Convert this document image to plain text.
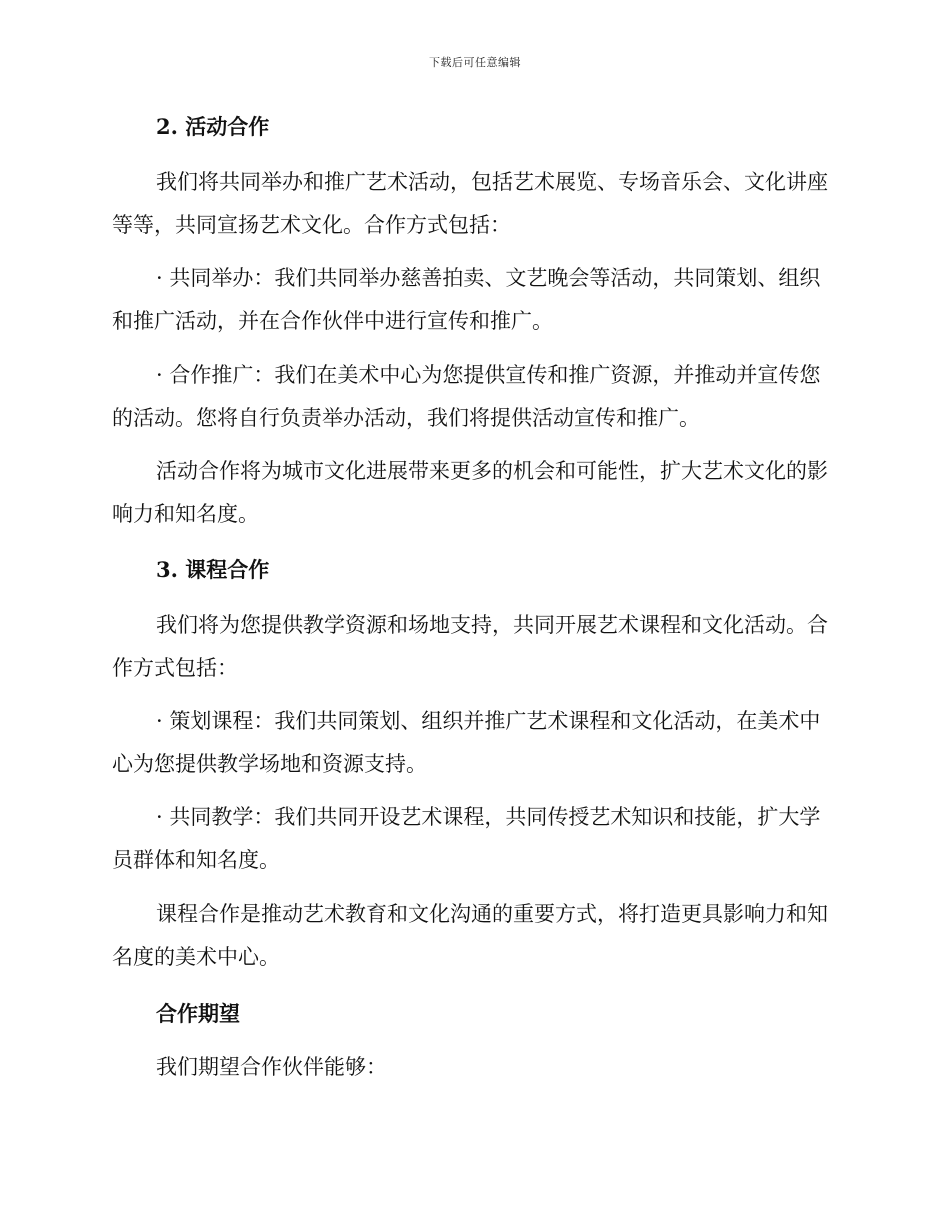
下载后可任意编辑

2. 活动合作

我们将共同举办和推广艺术活动，包括艺术展览、专场音乐会、文化讲座等等，共同宣扬艺术文化。合作方式包括：

· 共同举办：我们共同举办慈善拍卖、文艺晚会等活动，共同策划、组织和推广活动，并在合作伙伴中进行宣传和推广。

· 合作推广：我们在美术中心为您提供宣传和推广资源，并推动并宣传您的活动。您将自行负责举办活动，我们将提供活动宣传和推广。

活动合作将为城市文化进展带来更多的机会和可能性，扩大艺术文化的影响力和知名度。

3. 课程合作

我们将为您提供教学资源和场地支持，共同开展艺术课程和文化活动。合作方式包括：

· 策划课程：我们共同策划、组织并推广艺术课程和文化活动，在美术中心为您提供教学场地和资源支持。

· 共同教学：我们共同开设艺术课程，共同传授艺术知识和技能，扩大学员群体和知名度。

课程合作是推动艺术教育和文化沟通的重要方式，将打造更具影响力和知名度的美术中心。

合作期望

我们期望合作伙伴能够：
